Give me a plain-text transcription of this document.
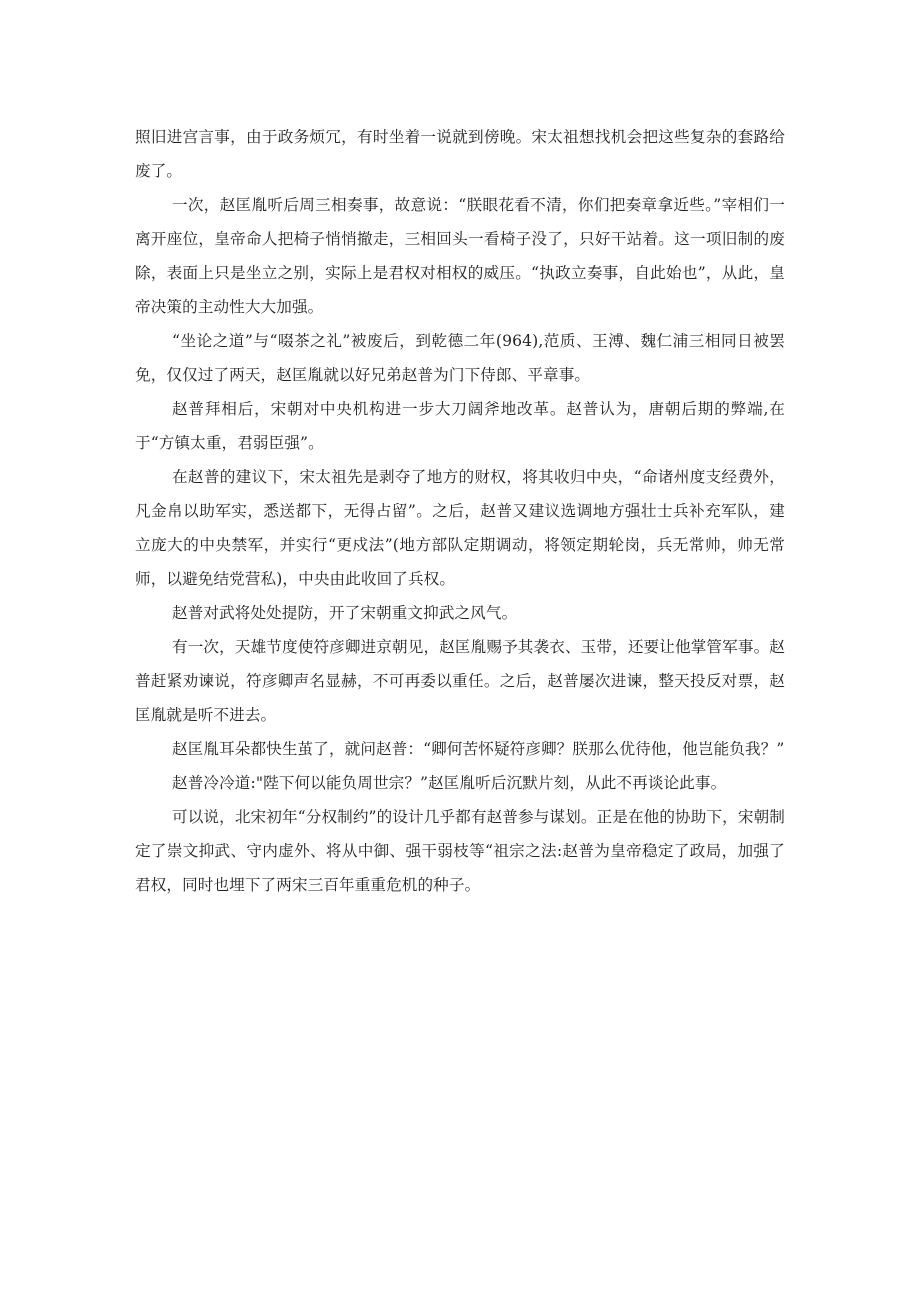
照旧进宫言事，由于政务烦冗，有时坐着一说就到傍晚。宋太祖想找机会把这些复杂的套路给废了。

一次，赵匡胤听后周三相奏事，故意说：“朕眼花看不清，你们把奏章拿近些。”宰相们一离开座位，皇帝命人把椅子悄悄撤走，三相回头一看椅子没了，只好干站着。这一项旧制的废除，表面上只是坐立之别，实际上是君权对相权的威压。“执政立奏事，自此始也”，从此，皇帝决策的主动性大大加强。

“坐论之道”与“啜茶之礼”被废后，到乾德二年(964),范质、王溥、魏仁浦三相同日被罢免，仅仅过了两天，赵匡胤就以好兄弟赵普为门下侍郎、平章事。

赵普拜相后，宋朝对中央机构进一步大刀阔斧地改革。赵普认为，唐朝后期的弊端,在于“方镇太重，君弱臣强”。

在赵普的建议下，宋太祖先是剥夺了地方的财权，将其收归中央，“命诸州度支经费外，凡金帛以助军实，悉送都下，无得占留”。之后，赵普又建议选调地方强壮士兵补充军队，建立庞大的中央禁军，并实行“更戍法”(地方部队定期调动，将领定期轮岗，兵无常帅，帅无常师，以避免结党营私)，中央由此收回了兵权。

赵普对武将处处提防，开了宋朝重文抑武之风气。

有一次，天雄节度使符彦卿进京朝见，赵匡胤赐予其袭衣、玉带，还要让他掌管军事。赵普赶紧劝谏说，符彦卿声名显赫，不可再委以重任。之后，赵普屡次进谏，整天投反对票，赵匡胤就是听不进去。

赵匡胤耳朵都快生茧了，就问赵普：“卿何苦怀疑符彦卿？朕那么优待他，他岂能负我？”

赵普冷冷道:"陛下何以能负周世宗？”赵匡胤听后沉默片刻，从此不再谈论此事。

可以说，北宋初年“分权制约”的设计几乎都有赵普参与谋划。正是在他的协助下，宋朝制定了崇文抑武、守内虚外、将从中御、强干弱枝等“祖宗之法:赵普为皇帝稳定了政局，加强了君权，同时也埋下了两宋三百年重重危机的种子。
